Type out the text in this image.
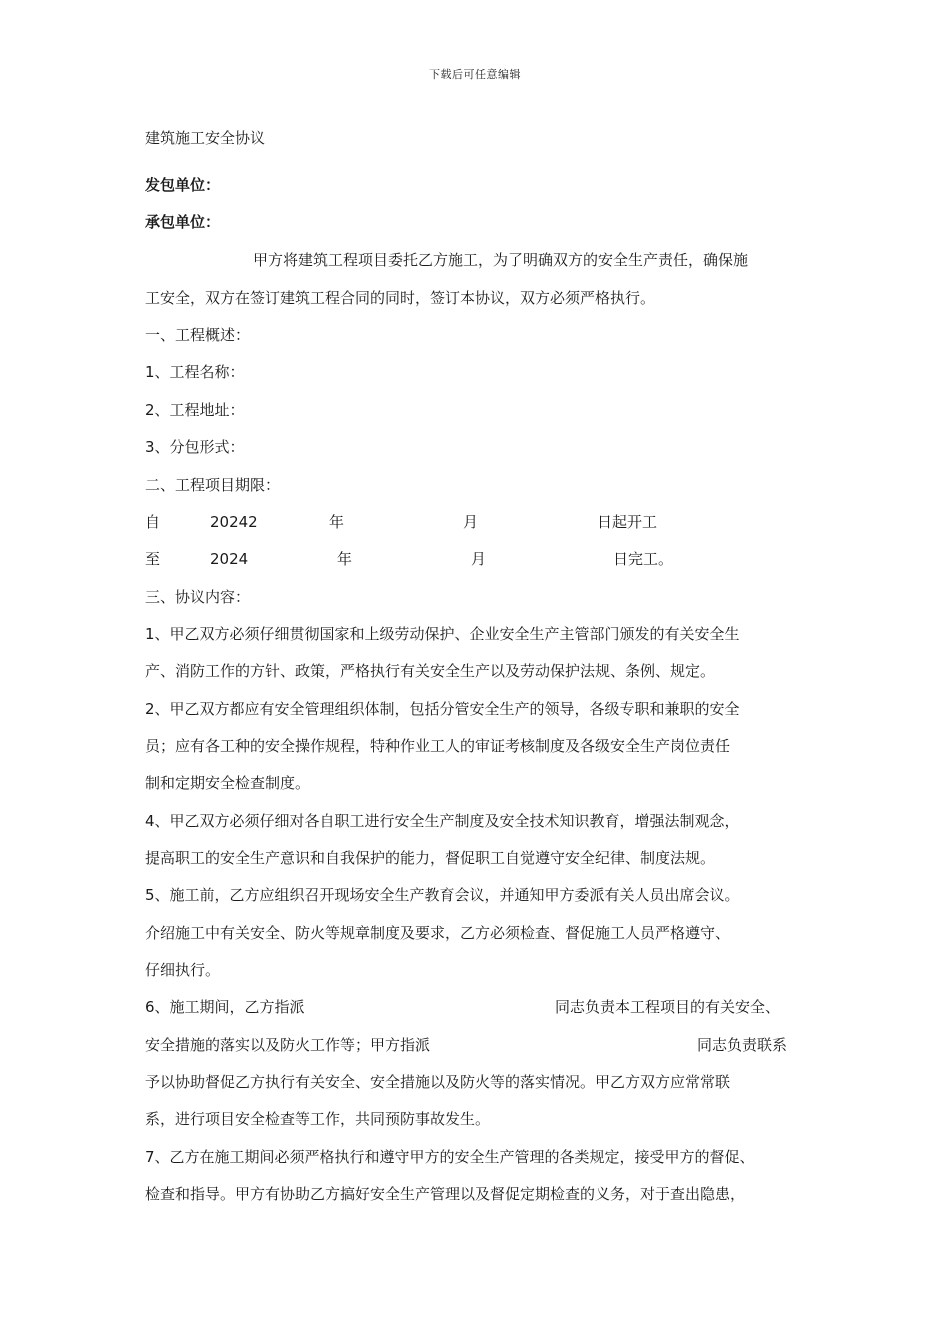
下载后可任意编辑
建筑施工安全协议
发包单位：
承包单位：
甲方将建筑工程项目委托乙方施工，为了明确双方的安全生产责任，确保施
工安全，双方在签订建筑工程合同的同时，签订本协议，双方必须严格执行。
一、工程概述：
1、工程名称：
2、工程地址：
3、分包形式：
二、工程项目期限：
自	20242	年	月	日起开工
至	2024	年	月	日完工。
三、协议内容：
1、甲乙双方必须仔细贯彻国家和上级劳动保护、企业安全生产主管部门颁发的有关安全生
产、消防工作的方针、政策，严格执行有关安全生产以及劳动保护法规、条例、规定。
2、甲乙双方都应有安全管理组织体制，包括分管安全生产的领导，各级专职和兼职的安全
员；应有各工种的安全操作规程，特种作业工人的审证考核制度及各级安全生产岗位责任
制和定期安全检查制度。
4、甲乙双方必须仔细对各自职工进行安全生产制度及安全技术知识教育，增强法制观念，
提高职工的安全生产意识和自我保护的能力，督促职工自觉遵守安全纪律、制度法规。
5、施工前，乙方应组织召开现场安全生产教育会议，并通知甲方委派有关人员出席会议。
介绍施工中有关安全、防火等规章制度及要求，乙方必须检查、督促施工人员严格遵守、
仔细执行。
6、施工期间，乙方指派	同志负责本工程项目的有关安全、
安全措施的落实以及防火工作等；甲方指派	同志负责联系
予以协助督促乙方执行有关安全、安全措施以及防火等的落实情况。甲乙方双方应常常联
系，进行项目安全检查等工作，共同预防事故发生。
7、乙方在施工期间必须严格执行和遵守甲方的安全生产管理的各类规定，接受甲方的督促、
检查和指导。甲方有协助乙方搞好安全生产管理以及督促定期检查的义务，对于查出隐患，
